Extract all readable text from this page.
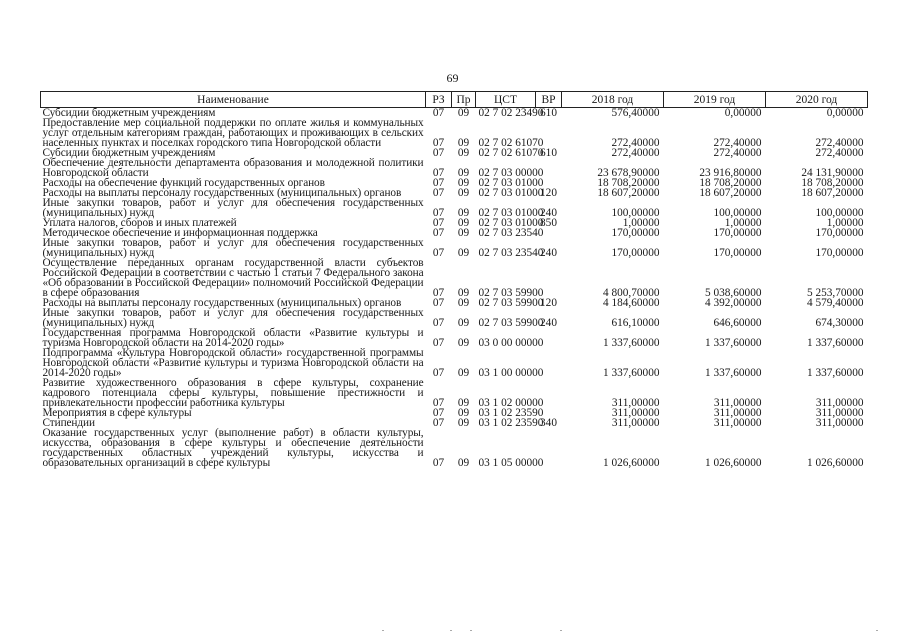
69
Наименование	РЗ	Пр	ЦСТ	ВР	2018 год	2019 год	2020 год
Субсидии бюджетным учреждениям	07	09	02 7 02 23490	610	576,40000	0,00000	0,00000
Предоставление мер социальной поддержки по оплате жилья и коммунальных услуг отдельным категориям граждан, работающих и проживающих в сельских населенных пунктах и поселках городского типа Новгородской области	07	09	02 7 02 61070		272,40000	272,40000	272,40000
Субсидии бюджетным учреждениям	07	09	02 7 02 61070	610	272,40000	272,40000	272,40000
Обеспечение деятельности департамента образования и молодежной политики Новгородской области	07	09	02 7 03 00000		23 678,90000	23 916,80000	24 131,90000
Расходы на обеспечение функций государственных органов	07	09	02 7 03 01000		18 708,20000	18 708,20000	18 708,20000
Расходы на выплаты персоналу государственных (муниципальных) органов	07	09	02 7 03 01000	120	18 607,20000	18 607,20000	18 607,20000
Иные закупки товаров, работ и услуг для обеспечения государственных (муниципальных) нужд	07	09	02 7 03 01000	240	100,00000	100,00000	100,00000
Уплата налогов, сборов и иных платежей	07	09	02 7 03 01000	850	1,00000	1,00000	1,00000
Методическое обеспечение и информационная поддержка	07	09	02 7 03 23540		170,00000	170,00000	170,00000
Иные закупки товаров, работ и услуг для обеспечения государственных (муниципальных) нужд	07	09	02 7 03 23540	240	170,00000	170,00000	170,00000
Осуществление переданных органам государственной власти субъектов Российской Федерации в соответствии с частью 1 статьи 7 Федерального закона «Об образовании в Российской Федерации» полномочий Российской Федерации в сфере образования	07	09	02 7 03 59900		4 800,70000	5 038,60000	5 253,70000
Расходы на выплаты персоналу государственных (муниципальных) органов	07	09	02 7 03 59900	120	4 184,60000	4 392,00000	4 579,40000
Иные закупки товаров, работ и услуг для обеспечения государственных (муниципальных) нужд	07	09	02 7 03 59900	240	616,10000	646,60000	674,30000
Государственная программа Новгородской области «Развитие культуры и туризма Новгородской области на 2014-2020 годы»	07	09	03 0 00 00000		1 337,60000	1 337,60000	1 337,60000
Подпрограмма «Культура Новгородской области» государственной программы Новгородской области «Развитие культуры и туризма Новгородской области на 2014-2020 годы»	07	09	03 1 00 00000		1 337,60000	1 337,60000	1 337,60000
Развитие художественного образования в сфере культуры, сохранение кадрового потенциала сферы культуры, повышение престижности и привлекательности профессии работника культуры	07	09	03 1 02 00000		311,00000	311,00000	311,00000
Мероприятия в сфере культуры	07	09	03 1 02 23590		311,00000	311,00000	311,00000
Стипендии	07	09	03 1 02 23590	340	311,00000	311,00000	311,00000
Оказание государственных услуг (выполнение работ) в области культуры, искусства, образования в сфере культуры и обеспечение деятельности государственных областных учреждений культуры, искусства и образовательных организаций в сфере культуры	07	09	03 1 05 00000		1 026,60000	1 026,60000	1 026,60000
